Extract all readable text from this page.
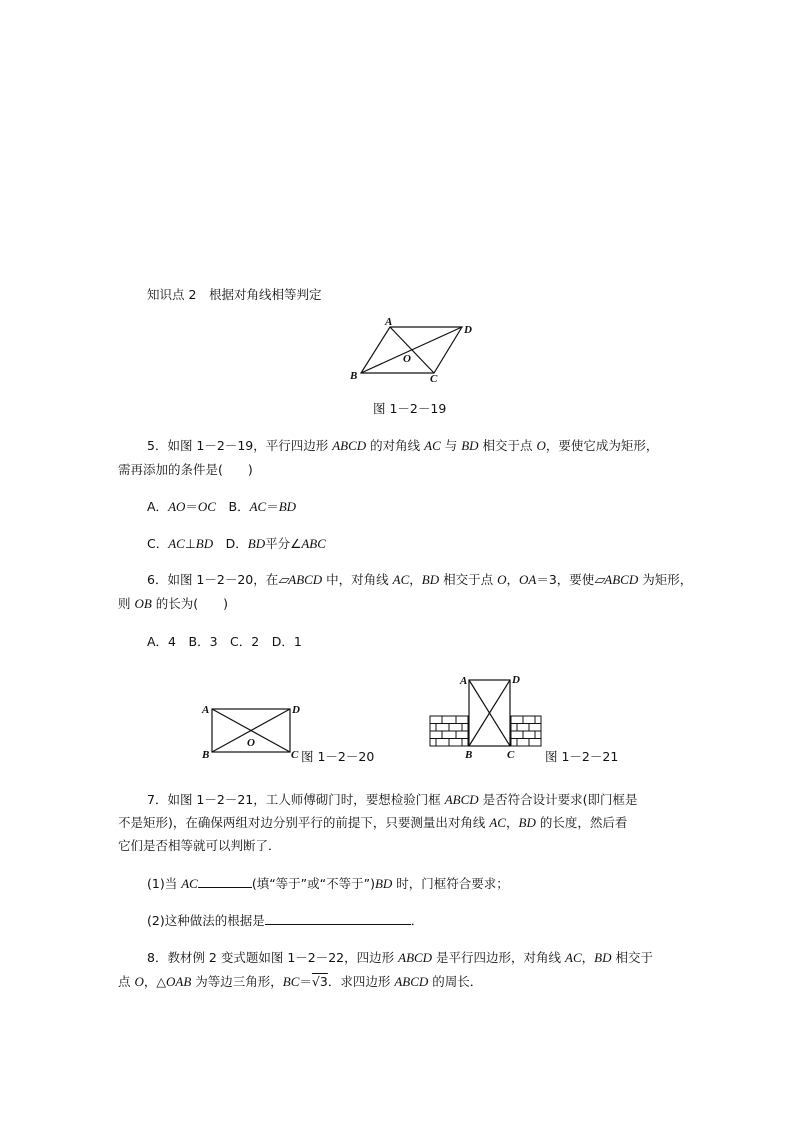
知识点 2　 根据对角线相等判定
A
D
B	C
O
图 1－2－19
5．如图 1－2－19，平行四边形 ABCD 的对角线 AC 与 BD 相交于点 O，要使它成为矩形，
需再添加的条件是(　　)
A．AO＝OC　 B．AC＝BD
C．AC⊥BD　 D．BD平分∠ABC
6．如图 1－2－20，在▱ABCD 中，对角线 AC，BD 相交于点 O，OA＝3，要使▱ABCD 为矩形，
则 OB 的长为(　　)
A．4　B．3　C．2　D．1
A	D
B	C
O
图 1－2－20
A	D
B	C 图 1－2－21
7．如图 1－2－21，工人师傅砌门时，要想检验门框 ABCD 是否符合设计要求(即门框是
不是矩形)，在确保两组对边分别平行的前提下，只要测量出对角线 AC，BD 的长度，然后看
它们是否相等就可以判断了．
(1)当 AC	(填“等于”或“不等于”)BD 时，门框符合要求；
(2)这种做法的根据是	．
8．教材例 2 变式题如图 1－2－22，四边形 ABCD 是平行四边形，对角线 AC，BD 相交于
点 O，△OAB 为等边三角形，BC＝√3．求四边形 ABCD 的周长．
